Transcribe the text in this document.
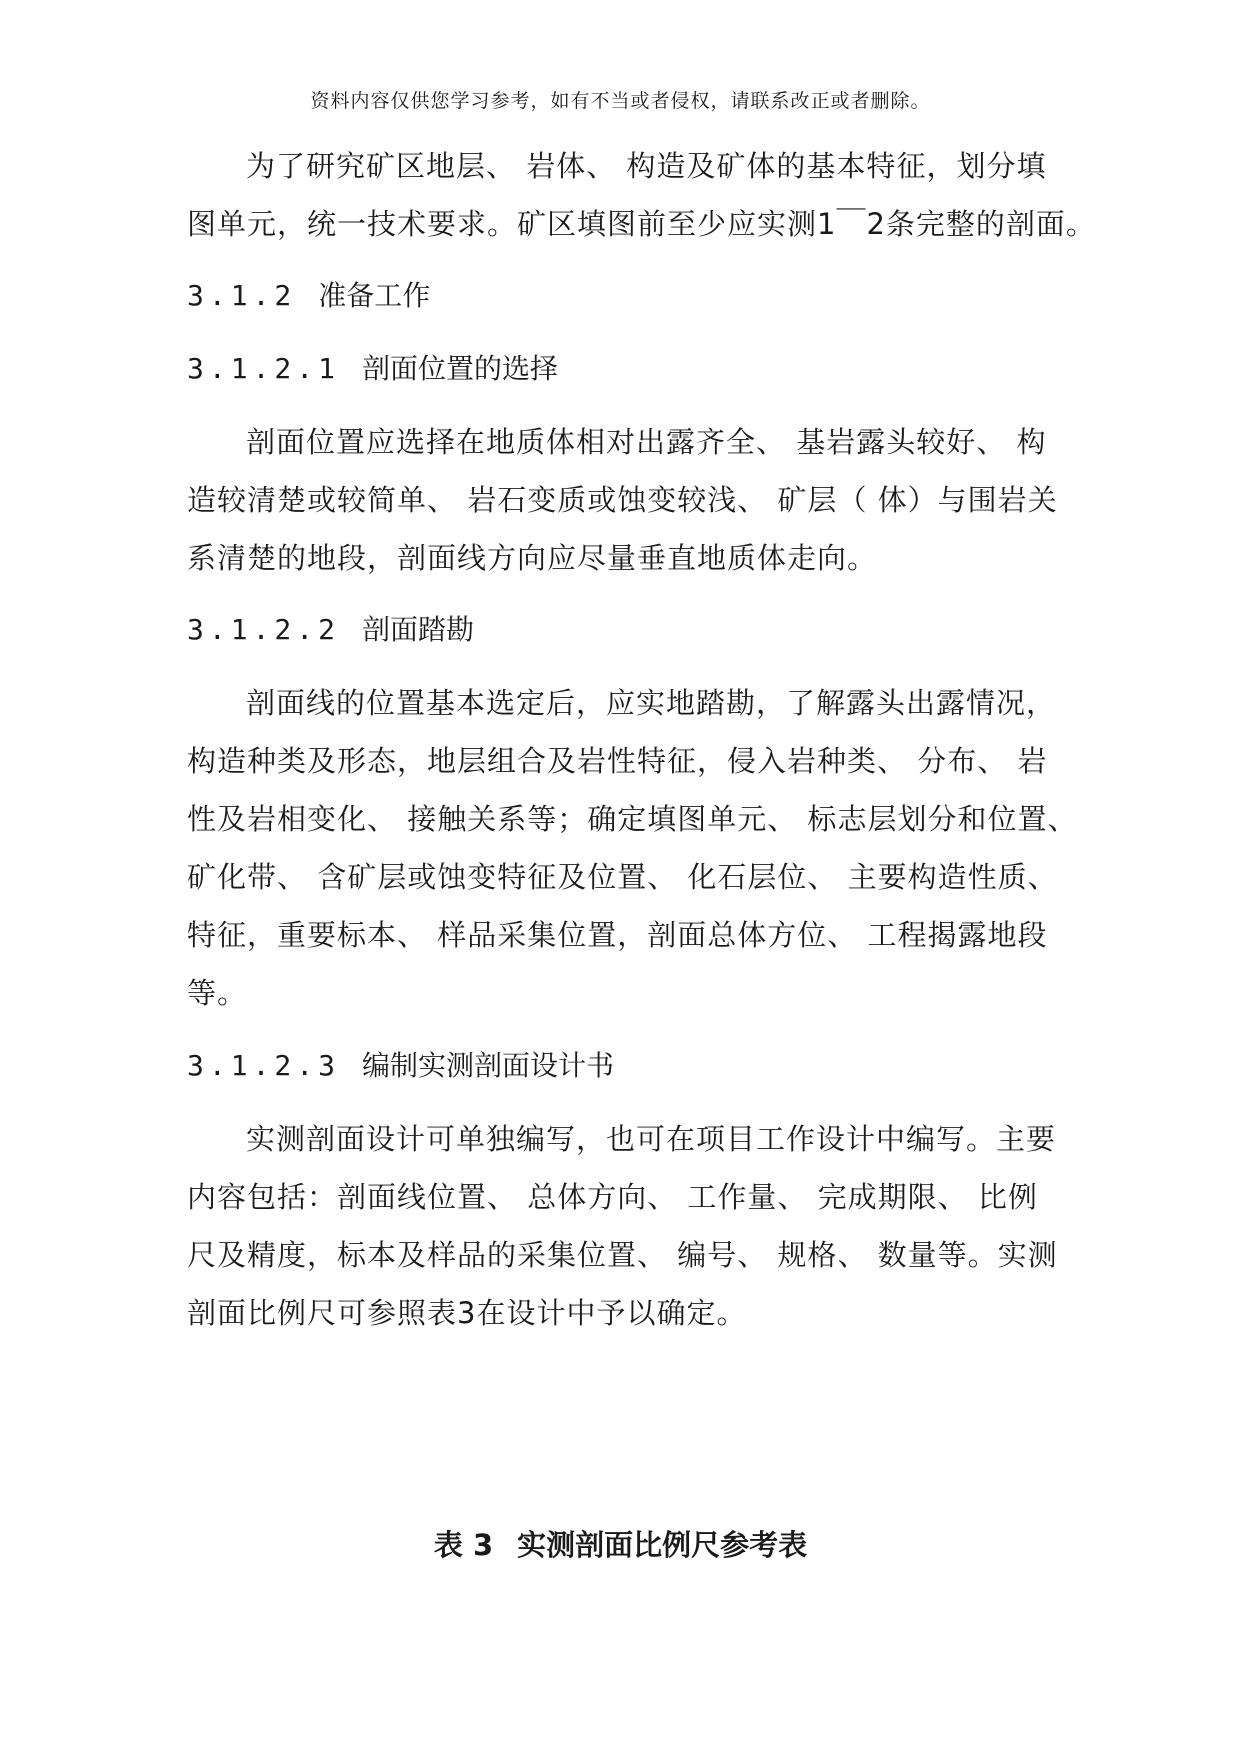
资料内容仅供您学习参考，如有不当或者侵权，请联系改正或者删除。
为了研究矿区地层、 岩体、 构造及矿体的基本特征，划分填
图单元，统一技术要求。矿区填图前至少应实测1￣2条完整的剖面。
3.1.2 准备工作
3.1.2.1 剖面位置的选择
剖面位置应选择在地质体相对出露齐全、 基岩露头较好、 构
造较清楚或较简单、 岩石变质或蚀变较浅、 矿层（ 体）与围岩关
系清楚的地段，剖面线方向应尽量垂直地质体走向。
3.1.2.2 剖面踏勘
剖面线的位置基本选定后，应实地踏勘，了解露头出露情况，
构造种类及形态，地层组合及岩性特征，侵入岩种类、 分布、 岩
性及岩相变化、 接触关系等；确定填图单元、 标志层划分和位置、
矿化带、 含矿层或蚀变特征及位置、 化石层位、 主要构造性质、
特征，重要标本、 样品采集位置，剖面总体方位、 工程揭露地段
等。
3.1.2.3 编制实测剖面设计书
实测剖面设计可单独编写，也可在项目工作设计中编写。主要
内容包括：剖面线位置、 总体方向、 工作量、 完成期限、 比例
尺及精度，标本及样品的采集位置、 编号、 规格、 数量等。实测
剖面比例尺可参照表3在设计中予以确定。
表 3 实测剖面比例尺参考表
